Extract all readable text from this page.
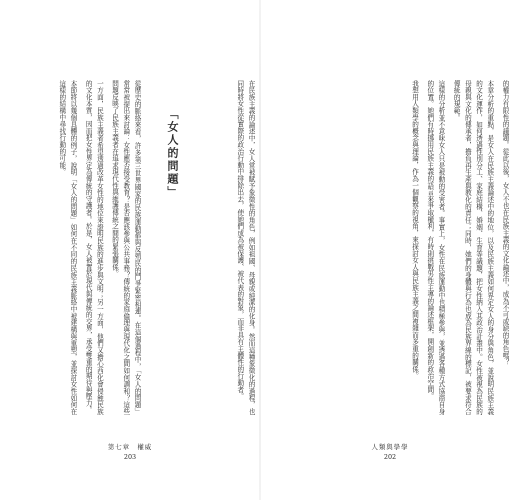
在民族主義的論述中，女人常被賦予象徵性的角色，例如祖國、母親或純潔的化身。然而這種象徵化的過程，也同時將女性從實際的政治行動中排除出去，使她們成為被保護、被代表的對象，而非具有主體性的行動者。

「女人的問題」

從歷史的脈絡來看，許多第三世界國家的民族運動都與反殖民的鬥爭緊密相連。在這個過程中，「女人的問題」常常被提出來討論：女性應否接受教育？是否應該參與公共事務？傳統的家庭倫理與現代化之間如何調和？這些問題反映了民族主義者在追求現代性與維護傳統之間的緊張關係。

一方面，民族主義者希望透過改革女性的地位來證明民族的進步與文明；另一方面，他們又擔心西化會侵蝕民族的文化本質，因而把女性界定為傳統的守護者。於是，女人被置於現代與傳統的交界，承受雙重的期待與壓力。

本節將以幾個具體的例子，說明「女人的問題」如何在不同的民族主義脈絡中被建構與重塑，並探討女性如何在這樣的結構中尋找行動的可能。

第七章　權威
203

的權力有限性的議題。從此以後，女人不也在民族主義的文化論述中，成為不可或缺的角色嗎？

本章分析的重點，是女人在民族主義論述中的地位，以及民族主義如何界定女人的身分與角色，並說明民族主義的文化運作，如何透過性別分工、家庭結構、婚姻、生育等議題，把女性納入其政治計畫中。女性被視為民族的母親與文化的傳承者，擔負再生產與教化的責任；同時，她們的身體與行為也成為民族界線的標記，被要求符合傳統的規範。

這樣的分析並不意味女人只是被動的受害者。事實上，女性在民族運動中也積極參與，並透過各種方式協商自身的位置。她們有時挪用民族主義的語言來爭取權利，有時則挑戰男性主導的論述框架，開創新的政治空間。

我想用人類學的概念與理論，作為一個觀察的視角，來探討女人與民族主義之間複雜而多重的關係。

人類與學學
202
